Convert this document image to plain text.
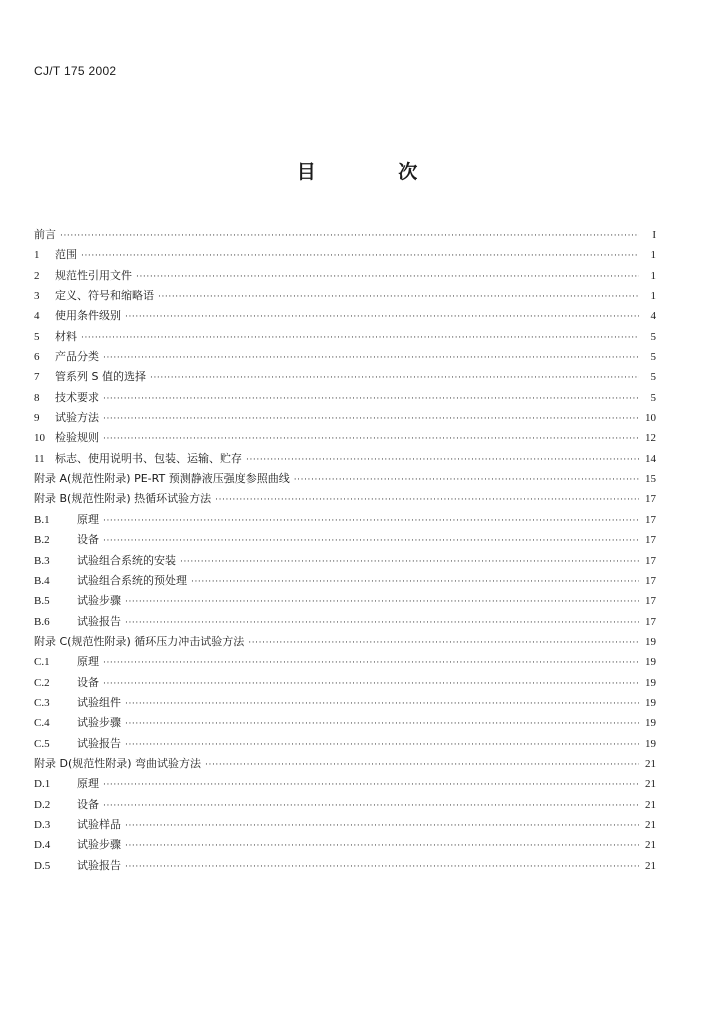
CJ/T 175 2002
目 次
前言 ·····	I
1	范围 ·····	1
2	规范性引用文件 ·····	1
3	定义、符号和缩略语 ·····	1
4	使用条件级别 ·····	4
5	材料 ·····	5
6	产品分类 ·····	5
7	管系列 S 值的选择 ·····	5
8	技术要求 ·····	5
9	试验方法 ·····	10
10 检验规则 ·····	12
11 标志、使用说明书、包装、运输、贮存 ·····	14
附录 A(规范性附录) PE-RT 预测静液压强度参照曲线 ·····	15
附录 B(规范性附录) 热循环试验方法 ·····	17
B.1	原理 ·····	17
B.2	设备 ·····	17
B.3	试验组合系统的安装 ·····	17
B.4	试验组合系统的预处理 ·····	17
B.5	试验步骤 ·····	17
B.6	试验报告 ·····	17
附录 C(规范性附录) 循环压力冲击试验方法 ·····	19
C.1	原理 ·····	19
C.2	设备 ·····	19
C.3	试验组件 ·····	19
C.4	试验步骤 ·····	19
C.5	试验报告 ·····	19
附录 D(规范性附录) 弯曲试验方法 ·····	21
D.1	原理 ·····	21
D.2	设备 ·····	21
D.3	试验样品 ·····	21
D.4	试验步骤 ·····	21
D.5	试验报告 ·····	21
